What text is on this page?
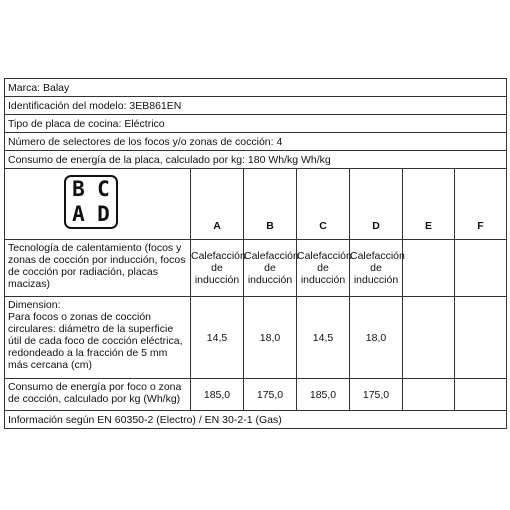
Marca: Balay						
Identificación del modelo: 3EB861EN						
Tipo de placa de cocina: Eléctrico						
Número de selectores de los focos y/o zonas de cocción: 4						
Consumo de energía de la placa, calculado por kg: 180 Wh/kg Wh/kg						

B C
A D	A	B	C	D	E	F
Tecnología de calentamiento (focos y zonas de cocción por inducción, focos de cocción por radiación, placas macizas)	Calefacción de inducción	Calefacción de inducción	Calefacción de inducción	Calefacción de inducción		
Dimension:
Para focos o zonas de cocción circulares: diámetro de la superficie útil de cada foco de cocción eléctrica, redondeado a la fracción de 5 mm más cercana (cm)	14,5	18,0	14,5	18,0		
Consumo de energía por foco o zona de cocción, calculado por kg (Wh/kg)	185,0	175,0	185,0	175,0		
Información según EN 60350-2 (Electro) / EN 30-2-1 (Gas)						
